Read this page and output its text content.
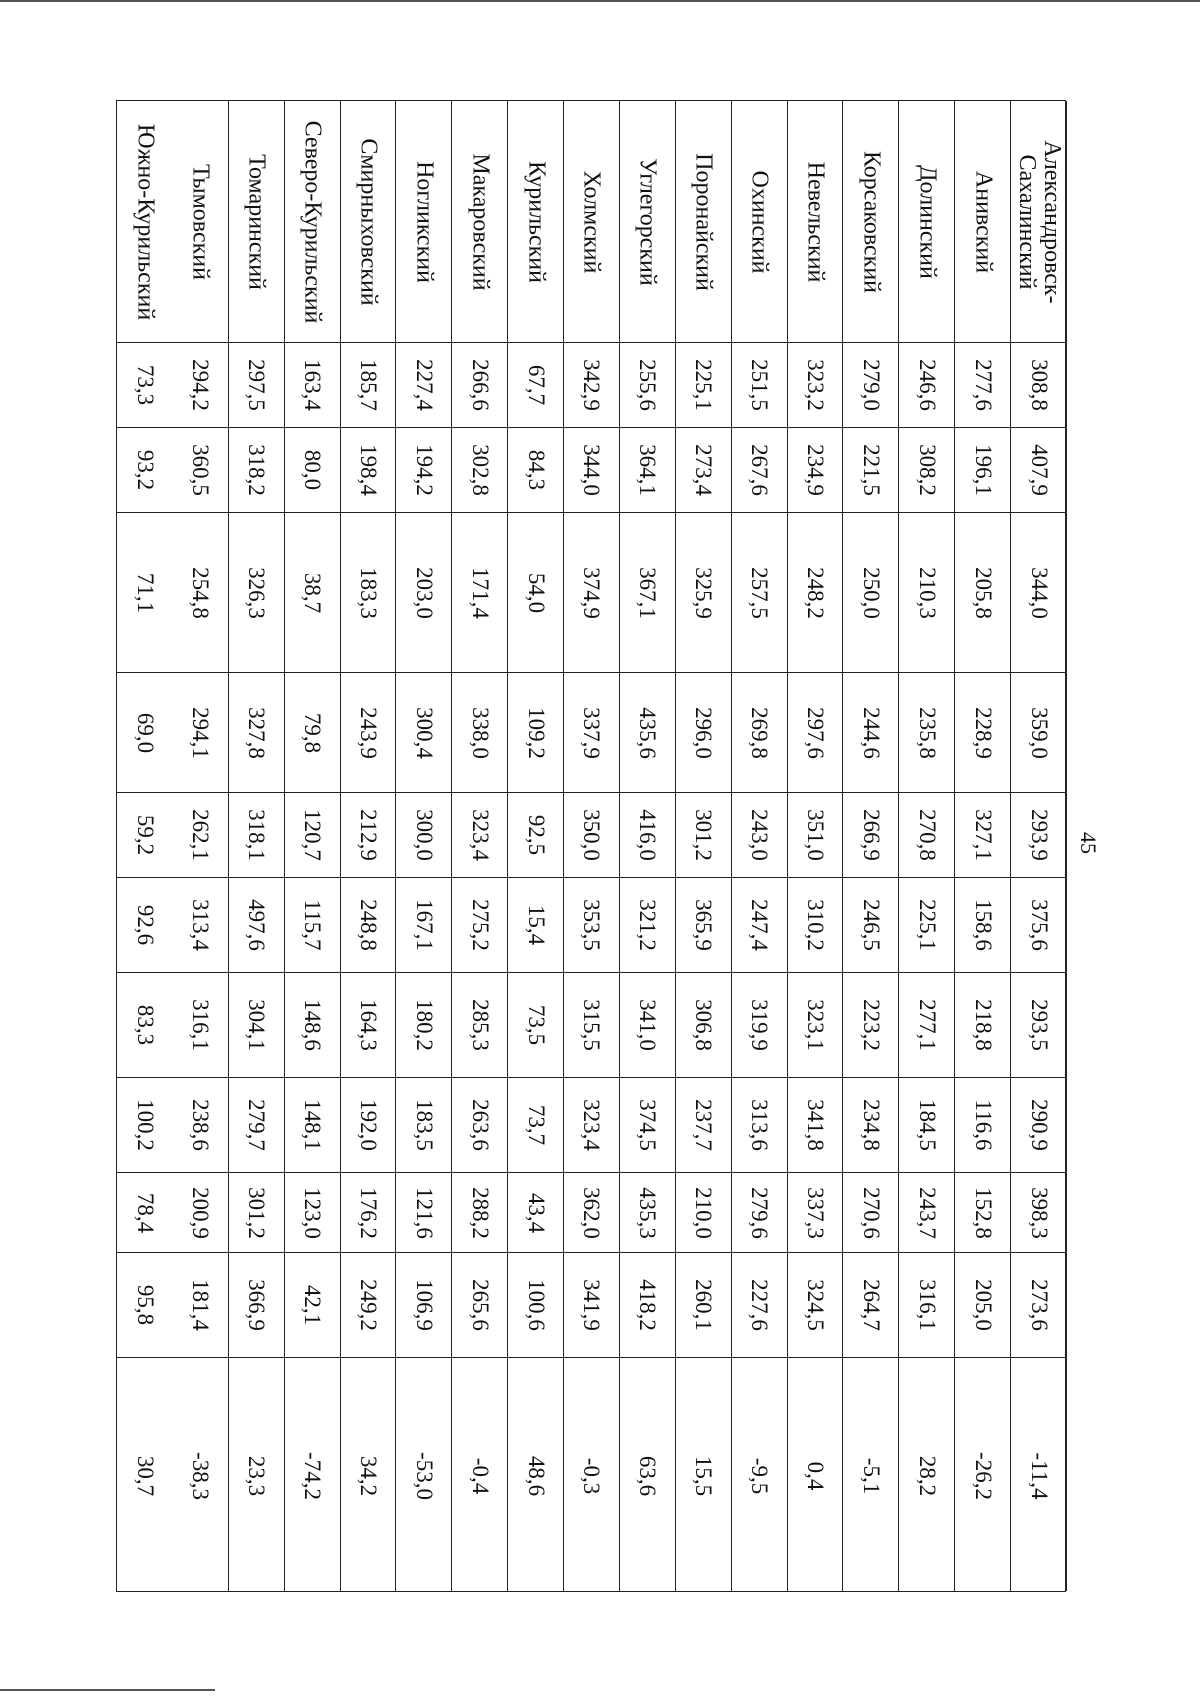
45
Александровск-
Сахалинский
308,8
407,9
344,0
359,0
293,9
375,6
293,5
290,9
398,3
273,6
-11,4
Анивский
277,6
196,1
205,8
228,9
327,1
158,6
218,8
116,6
152,8
205,0
-26,2
Долинский
246,6
308,2
210,3
235,8
270,8
225,1
277,1
184,5
243,7
316,1
28,2
Корсаковский
279,0
221,5
250,0
244,6
266,9
246,5
223,2
234,8
270,6
264,7
-5,1
Невельский
323,2
234,9
248,2
297,6
351,0
310,2
323,1
341,8
337,3
324,5
0,4
Охинский
251,5
267,6
257,5
269,8
243,0
247,4
319,9
313,6
279,6
227,6
-9,5
Поронайский
225,1
273,4
325,9
296,0
301,2
365,9
306,8
237,7
210,0
260,1
15,5
Углегорский
255,6
364,1
367,1
435,6
416,0
321,2
341,0
374,5
435,3
418,2
63,6
Холмский
342,9
344,0
374,9
337,9
350,0
353,5
315,5
323,4
362,0
341,9
-0,3
Курильский
67,7
84,3
54,0
109,2
92,5
15,4
73,5
73,7
43,4
100,6
48,6
Макаровский
266,6
302,8
171,4
338,0
323,4
275,2
285,3
263,6
288,2
265,6
-0,4
Ногликский
227,4
194,2
203,0
300,4
300,0
167,1
180,2
183,5
121,6
106,9
-53,0
Смирныховский
185,7
198,4
183,3
243,9
212,9
248,8
164,3
192,0
176,2
249,2
34,2
Северо-Курильский
163,4
80,0
38,7
79,8
120,7
115,7
148,6
148,1
123,0
42,1
-74,2
Томаринский
297,5
318,2
326,3
327,8
318,1
497,6
304,1
279,7
301,2
366,9
23,3
Тымовский
294,2
360,5
254,8
294,1
262,1
313,4
316,1
238,6
200,9
181,4
-38,3
Южно-Курильский
73,3
93,2
71,1
69,0
59,2
92,6
83,3
100,2
78,4
95,8
30,7
